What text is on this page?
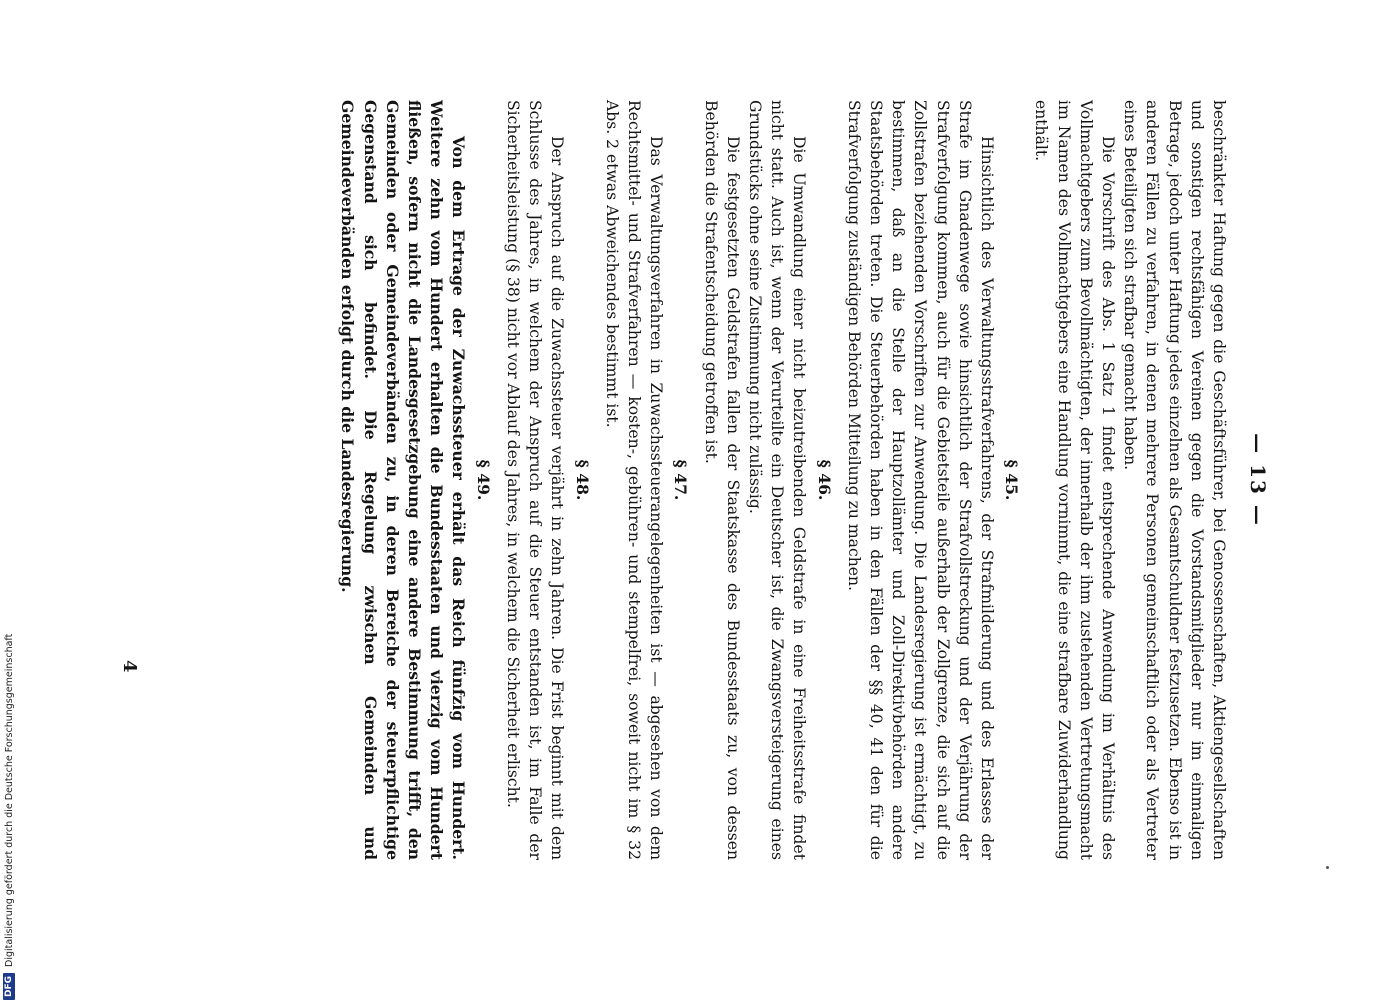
— 13 —

beschränkter Haftung gegen die Geschäftsführer, bei Genossenschaften, Aktiengesellschaften und sonstigen rechtsfähigen Vereinen gegen die Vorstandsmitglieder nur im einmaligen Betrage, jedoch unter Haftung jedes einzelnen als Gesamtschuldner festzusetzen. Ebenso ist in anderen Fällen zu verfahren, in denen mehrere Personen gemeinschaftlich oder als Vertreter eines Beteiligten sich strafbar gemacht haben.

Die Vorschrift des Abs. 1 Satz 1 findet entsprechende Anwendung im Verhältnis des Vollmachtgebers zum Bevollmächtigten, der innerhalb der ihm zustehenden Vertretungsmacht im Namen des Vollmachtgebers eine Handlung vornimmt, die eine strafbare Zuwiderhandlung enthält.

§ 45.

Hinsichtlich des Verwaltungsstrafverfahrens, der Strafmilderung und des Erlasses der Strafe im Gnadenwege sowie hinsichtlich der Strafvollstreckung und der Verjährung der Strafverfolgung kommen, auch für die Gebietsteile außerhalb der Zollgrenze, die sich auf die Zollstrafen beziehenden Vorschriften zur Anwendung. Die Landesregierung ist ermächtigt, zu bestimmen, daß an die Stelle der Hauptzollämter und Zoll-Direktivbehörden andere Staatsbehörden treten. Die Steuerbehörden haben in den Fällen der §§ 40, 41 den für die Strafverfolgung zuständigen Behörden Mitteilung zu machen.

§ 46.

Die Umwandlung einer nicht beizutreibenden Geldstrafe in eine Freiheitsstrafe findet nicht statt. Auch ist, wenn der Verurteilte ein Deutscher ist, die Zwangsversteigerung eines Grundstücks ohne seine Zustimmung nicht zulässig.

Die festgesetzten Geldstrafen fallen der Staatskasse des Bundesstaats zu, von dessen Behörden die Strafentscheidung getroffen ist.

§ 47.

Das Verwaltungsverfahren in Zuwachssteuerangelegenheiten ist — abgesehen von dem Rechtsmittel- und Strafverfahren — kosten-, gebühren- und stempelfrei, soweit nicht im § 32 Abs. 2 etwas Abweichendes bestimmt ist.

§ 48.

Der Anspruch auf die Zuwachssteuer verjährt in zehn Jahren. Die Frist beginnt mit dem Schlusse des Jahres, in welchem der Anspruch auf die Steuer entstanden ist, im Falle der Sicherheitsleistung (§ 38) nicht vor Ablauf des Jahres, in welchem die Sicherheit erlischt.

§ 49.

Von dem Ertrage der Zuwachssteuer erhält das Reich fünfzig vom Hundert. Weitere zehn vom Hundert erhalten die Bundesstaaten und vierzig vom Hundert fließen, sofern nicht die Landesgesetzgebung eine andere Bestimmung trifft, den Gemeinden oder Gemeindeverbänden zu, in deren Bereiche der steuerpflichtige Gegenstand sich befindet. Die Regelung zwischen Gemeinden und Gemeindeverbänden erfolgt durch die Landesregierung.

4
DFG
Digitalisierung gefördert durch die Deutsche Forschungsgemeinschaft
